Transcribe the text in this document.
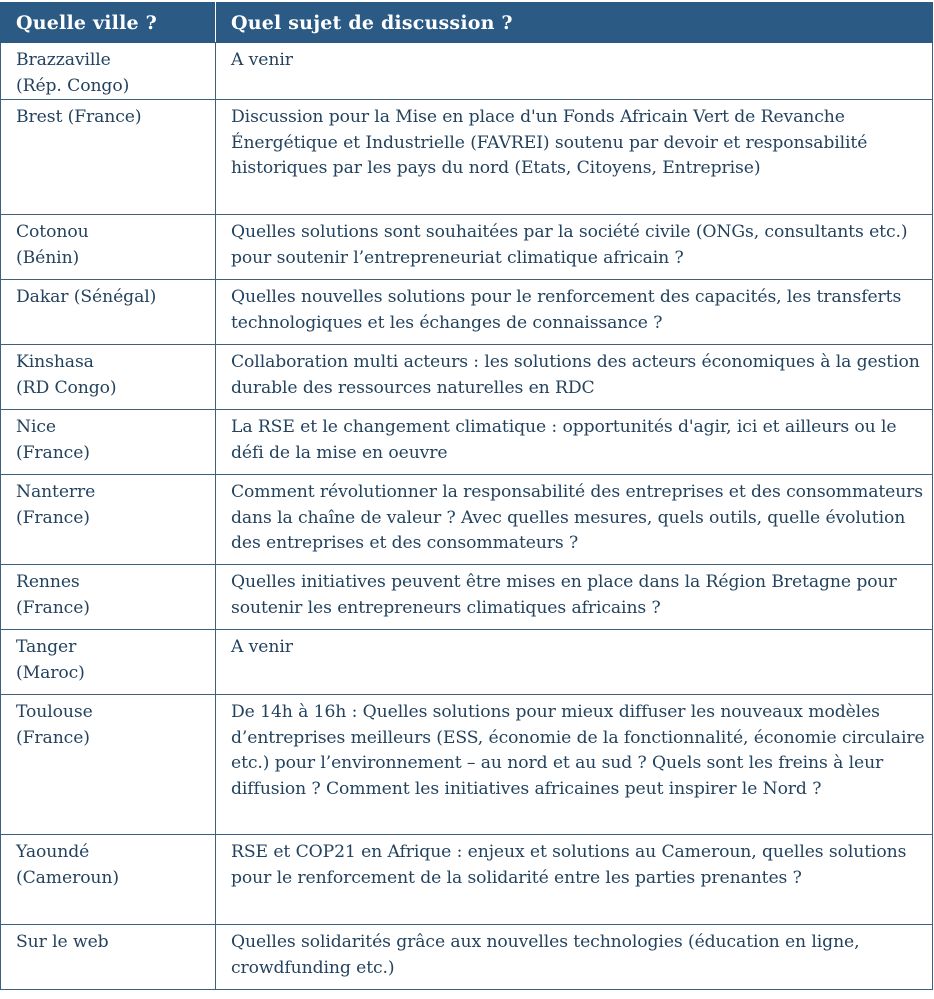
Quelle ville ?	Quel sujet de discussion ?
Brazzaville
(Rép. Congo)	A venir
Brest (France)	Discussion pour la Mise en place d'un Fonds Africain Vert de Revanche Énergétique et Industrielle (FAVREI) soutenu par devoir et responsabilité historiques par les pays du nord (Etats, Citoyens, Entreprise)
Cotonou
(Bénin)	Quelles solutions sont souhaitées par la société civile (ONGs, consultants etc.) pour soutenir l’entrepreneuriat climatique africain ?
Dakar (Sénégal)	Quelles nouvelles solutions pour le renforcement des capacités, les transferts technologiques et les échanges de connaissance ?
Kinshasa
(RD Congo)	Collaboration multi acteurs : les solutions des acteurs économiques à la gestion durable des ressources naturelles en RDC
Nice
(France)	La RSE et le changement climatique : opportunités d'agir, ici et ailleurs ou le défi de la mise en oeuvre
Nanterre
(France)	Comment révolutionner la responsabilité des entreprises et des consommateurs dans la chaîne de valeur ? Avec quelles mesures, quels outils, quelle évolution des entreprises et des consommateurs ?
Rennes
(France)	Quelles initiatives peuvent être mises en place dans la Région Bretagne pour soutenir les entrepreneurs climatiques africains ?
Tanger
(Maroc)	A venir
Toulouse
(France)	De 14h à 16h : Quelles solutions pour mieux diffuser les nouveaux modèles d’entreprises meilleurs (ESS, économie de la fonctionnalité, économie circulaire etc.) pour l’environnement – au nord et au sud ? Quels sont les freins à leur diffusion ? Comment les initiatives africaines peut inspirer le Nord ?
Yaoundé
(Cameroun)	RSE et COP21 en Afrique : enjeux et solutions au Cameroun, quelles solutions pour le renforcement de la solidarité entre les parties prenantes ?
Sur le web	Quelles solidarités grâce aux nouvelles technologies (éducation en ligne, crowdfunding etc.)
